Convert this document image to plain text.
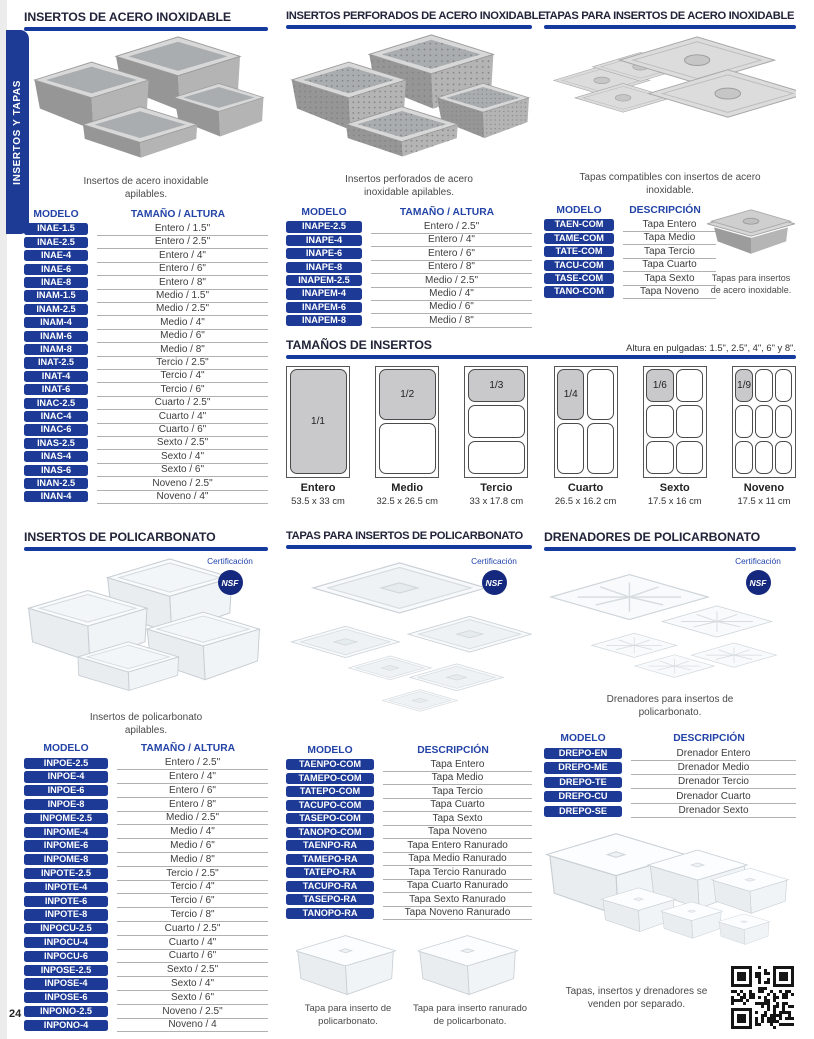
INSERTOS Y TAPAS
24
INSERTOS DE ACERO INOXIDABLE

Insertos de acero inoxidable apilables.

MODELO	TAMAÑO / ALTURA
INAE-1.5	Entero / 1.5"
INAE-2.5	Entero / 2.5"
INAE-4	Entero / 4"
INAE-6	Entero / 6"
INAE-8	Entero / 8"
INAM-1.5	Medio / 1.5"
INAM-2.5	Medio / 2.5"
INAM-4	Medio / 4"
INAM-6	Medio / 6"
INAM-8	Medio / 8"
INAT-2.5	Tercio / 2.5"
INAT-4	Tercio / 4"
INAT-6	Tercio / 6"
INAC-2.5	Cuarto / 2.5"
INAC-4	Cuarto / 4"
INAC-6	Cuarto / 6"
INAS-2.5	Sexto / 2.5"
INAS-4	Sexto / 4"
INAS-6	Sexto / 6"
INAN-2.5	Noveno / 2.5"
INAN-4	Noveno / 4"
INSERTOS PERFORADOS DE ACERO INOXIDABLE

Insertos perforados de acero inoxidable apilables.

MODELO	TAMAÑO / ALTURA
INAPE-2.5	Entero / 2.5"
INAPE-4	Entero / 4"
INAPE-6	Entero / 6"
INAPE-8	Entero / 8"
INAPEM-2.5	Medio / 2.5"
INAPEM-4	Medio / 4"
INAPEM-6	Medio / 6"
INAPEM-8	Medio / 8"
TAPAS PARA INSERTOS DE ACERO INOXIDABLE

Tapas compatibles con insertos de acero inoxidable.

MODELO	DESCRIPCIÓN
TAEN-COM	Tapa Entero
TAME-COM	Tapa Medio
TATE-COM	Tapa Tercio
TACU-COM	Tapa Cuarto
TASE-COM	Tapa Sexto
TANO-COM	Tapa Noveno

Tapas para insertos de acero inoxidable.

TAMAÑOS DE INSERTOS	Altura en pulgadas: 1.5", 2.5", 4", 6" y 8".
1/1
Entero
53.5 x 33 cm
1/2
Medio
32.5 x 26.5 cm
1/3
Tercio
33 x 17.8 cm
1/4
Cuarto
26.5 x 16.2 cm
1/6
Sexto
17.5 x 16 cm
1/9
Noveno
17.5 x 11 cm
INSERTOS DE POLICARBONATO
Certificación
NSF

Insertos de policarbonato apilables.

MODELO	TAMAÑO / ALTURA
INPOE-2.5	Entero / 2.5"
INPOE-4	Entero / 4"
INPOE-6	Entero / 6"
INPOE-8	Entero / 8"
INPOME-2.5	Medio / 2.5"
INPOME-4	Medio / 4"
INPOME-6	Medio / 6"
INPOME-8	Medio / 8"
INPOTE-2.5	Tercio / 2.5"
INPOTE-4	Tercio / 4"
INPOTE-6	Tercio / 6"
INPOTE-8	Tercio / 8"
INPOCU-2.5	Cuarto / 2.5"
INPOCU-4	Cuarto / 4"
INPOCU-6	Cuarto / 6"
INPOSE-2.5	Sexto / 2.5"
INPOSE-4	Sexto / 4"
INPOSE-6	Sexto / 6"
INPONO-2.5	Noveno / 2.5"
INPONO-4	Noveno / 4
TAPAS PARA INSERTOS DE POLICARBONATO
Certificación
NSF
MODELO	DESCRIPCIÓN
TAENPO-COM	Tapa Entero
TAMEPO-COM	Tapa Medio
TATEPO-COM	Tapa Tercio
TACUPO-COM	Tapa Cuarto
TASEPO-COM	Tapa Sexto
TANOPO-COM	Tapa Noveno
TAENPO-RA	Tapa Entero Ranurado
TAMEPO-RA	Tapa Medio Ranurado
TATEPO-RA	Tapa Tercio Ranurado
TACUPO-RA	Tapa Cuarto Ranurado
TASEPO-RA	Tapa Sexto Ranurado
TANOPO-RA	Tapa Noveno Ranurado

Tapa para inserto de policarbonato.

Tapa para inserto ranurado de policarbonato.

DRENADORES DE POLICARBONATO
Certificación
NSF

Drenadores para insertos de policarbonato.

MODELO	DESCRIPCIÓN
DREPO-EN	Drenador Entero
DREPO-ME	Drenador Medio
DREPO-TE	Drenador Tercio
DREPO-CU	Drenador Cuarto
DREPO-SE	Drenador Sexto

Tapas, insertos y drenadores se venden por separado.
